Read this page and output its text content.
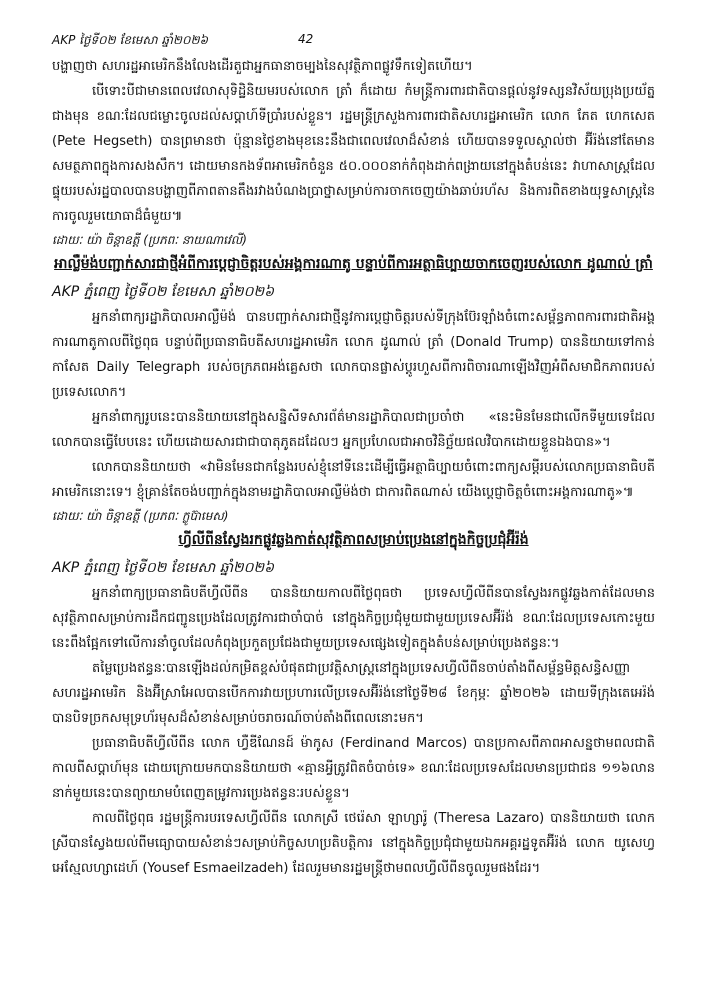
AKP ថ្ងៃទី០២ ខែមេសា ឆ្នាំ២០២៦	42

បង្ហាញថា សហរដ្ឋអាមេរិកនឹងលែងដើរតួជាអ្នកធានាចម្បងនៃសុវត្ថិភាពផ្លូវទឹកទៀតហើយ។

បើទោះបីជាមានពេលវេលាសុទិដ្ឋិនិយមរបស់លោក ត្រាំ ក៏ដោយ កំមន្ត្រីការពារជាតិបានផ្ដល់នូវទស្សនវិស័យប្រុងប្រយ័ត្នជាងមុន ខណៈដែលជម្លោះចូលដល់សប្ដាហ៍ទីប្រាំរបស់ខ្លួន។ រដ្ឋមន្ត្រីក្រសួងការពារជាតិសហរដ្ឋអាមេរិក លោក ភែត ហេកសេត (Pete Hegseth) បានព្រមានថា ប៉ុន្មានថ្ងៃខាងមុខនេះនឹងជាពេលវេលាដ៏សំខាន់ ហើយបានទទួលស្គាល់ថា អ៊ីរ៉ង់នៅតែមានសមត្ថភាពក្នុងការសងសឹក។ ដោយមានកងទ័ពអាមេរិកចំនួន ៥០.០០០នាក់កំពុងដាក់ពង្រាយនៅក្នុងតំបន់នេះ វាហាសាស្ត្រដែលផ្ទុយរបស់រដ្ឋបាលបានបង្ហាញពីភាពតានតឹងរវាងបំណងប្រាថ្នាសម្រាប់ការចាកចេញយ៉ាងឆាប់រហ័ស និងការពិតខាងយុទ្ធសាស្ត្រនៃការចូលរួមយោធាដ៏ធំមួយ៕

ដោយៈ យ៉ា ចិន្តាឧត្តី (ប្រភពៈ នាយណាវេលី)

អាល្លឺម៉ង់បញ្ជាក់សារជាថ្មីអំពីការប្ដេជ្ញាចិត្តរបស់អង្គការណាតូ បន្ទាប់ពីការអត្ថាធិប្បាយចាកចេញរបស់លោក ដូណាល់ ត្រាំ

AKP ភ្នំពេញ ថ្ងៃទី០២ ខែមេសា ឆ្នាំ២០២៦

អ្នកនាំពាក្យរដ្ឋាភិបាលអាល្លឺម៉ង់ បានបញ្ជាក់សារជាថ្មីនូវការប្ដេជ្ញាចិត្តរបស់ទីក្រុងប៊ែរឡាំងចំពោះសម្ព័ន្ធភាពការពារជាតិអង្គការណាតូកាលពីថ្ងៃពុធ បន្ទាប់ពីប្រធានាធិបតីសហរដ្ឋអាមេរិក លោក ដូណាល់ ត្រាំ (Donald Trump) បាននិយាយទៅកាន់កាសែត Daily Telegraph របស់ចក្រភពអង់គ្លេសថា លោកបានផ្លាស់ប្ដូរហួសពីការពិចារណាឡើងវិញអំពីសមាជិកភាពរបស់ប្រទេសលោក។

អ្នកនាំពាក្យរូបនេះបាននិយាយនៅក្នុងសន្និសីទសារព័ត៌មានរដ្ឋាភិបាលជាប្រចាំថា «នេះមិនមែនជាលើកទីមួយទេដែលលោកបានធ្វើបែបនេះ ហើយដោយសារជាជាបាតុភូតដដែលៗ អ្នកប្រហែលជាអាចវិនិច្ឆ័យផលវិបាកដោយខ្លួនឯងបាន»។

លោកបាននិយាយថា «វាមិនមែនជាកន្លែងរបស់ខ្ញុំនៅទីនេះដើម្បីធ្វើអត្ថាធិប្បាយចំពោះពាក្យសម្ដីរបស់លោកប្រធានាធិបតីអាមេរិកនោះទេ។ ខ្ញុំគ្រាន់តែចង់បញ្ជាក់ក្នុងនាមរដ្ឋាភិបាលអាល្លឺម៉ង់ថា ជាការពិតណាស់ យើងប្ដេជ្ញាចិត្តចំពោះអង្គការណាតូ»៕

ដោយៈ យ៉ា ចិន្តាឧត្តី (ប្រភពៈ ក្លូប៊ាមេស)

ហ្វីលីពីនស្វែងរកផ្លូវឆ្លងកាត់សុវត្ថិភាពសម្រាប់ប្រេងនៅក្នុងកិច្ចប្រជុំអ៊ីរ៉ង់

AKP ភ្នំពេញ ថ្ងៃទី០២ ខែមេសា ឆ្នាំ២០២៦

អ្នកនាំពាក្យប្រធានាធិបតីហ្វីលីពីន បាននិយាយកាលពីថ្ងៃពុធថា ប្រទេសហ្វីលីពីនបានស្វែងរកផ្លូវឆ្លងកាត់ដែលមានសុវត្ថិភាពសម្រាប់ការដឹកជញ្ជូនប្រេងដែលត្រូវការជាចាំបាច់ នៅក្នុងកិច្ចប្រជុំមួយជាមួយប្រទេសអ៊ីរ៉ង់ ខណៈដែលប្រទេសកោះមួយនេះពឹងផ្អែកទៅលើការនាំចូលដែលកំពុងប្រកួតប្រជែងជាមួយប្រទេសផ្សេងទៀតក្នុងតំបន់សម្រាប់ប្រេងឥន្ធនៈ។

តម្លៃប្រេងឥន្ធនៈបានឡើងដល់កម្រិតខ្ពស់បំផុតជាប្រវត្តិសាស្ត្រនៅក្នុងប្រទេសហ្វីលីពីនចាប់តាំងពីសម្ព័ន្ធមិត្តសន្ធិសញ្ញាសហរដ្ឋអាមេរិក និងអ៊ីស្រាអែលបានបើកការវាយប្រហារលើប្រទេសអ៊ីរ៉ង់នៅថ្ងៃទី២៨ ខែកុម្ភៈ ឆ្នាំ២០២៦ ដោយទីក្រុងតេអេរ៉ង់បានបិទច្រកសមុទ្រហ័រមុសដ៏សំខាន់សម្រាប់ចរាចរណ៍ចាប់តាំងពីពេលនោះមក។

ប្រធានាធិបតីហ្វីលីពីន លោក ហ្វឺឌីណែនដ៍ ម៉ាកូស (Ferdinand Marcos) បានប្រកាសពីភាពអាសន្នថាមពលជាតិកាលពីសប្ដាហ៍មុន ដោយក្រោយមកបាននិយាយថា «គ្មានអ្វីត្រូវពិតចំបាច់ទេ» ខណៈដែលប្រទេសដែលមានប្រជាជន ១១៦លាននាក់មួយនេះបានព្យាយាមបំពេញតម្រូវការប្រេងឥន្ធនៈរបស់ខ្លួន។

កាលពីថ្ងៃពុធ រដ្ឋមន្ត្រីការបរទេសហ្វីលីពីន លោកស្រី ថេរ៉េសា ឡាហ្សារ៉ូ (Theresa Lazaro) បាននិយាយថា លោកស្រីបានស្វែងយល់ពីមធ្យោបាយសំខាន់ៗសម្រាប់កិច្ចសហប្រតិបត្តិការ នៅក្នុងកិច្ចប្រជុំជាមួយឯកអគ្គរដ្ឋទូតអ៊ីរ៉ង់ លោក យូសេហ្វ អេស្មែលហ្សាដេហ៍ (Yousef Esmaeilzadeh) ដែលរួមមានរដ្ឋមន្ត្រីថាមពលហ្វីលីពីនចូលរួមផងដែរ។
